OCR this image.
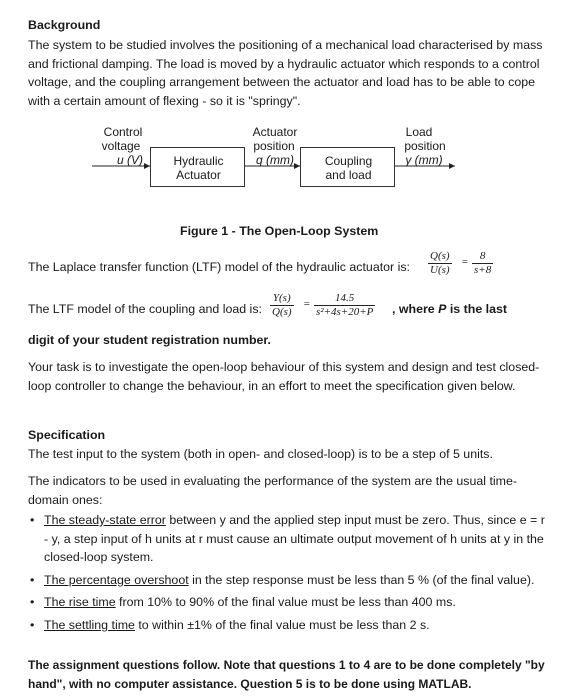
Background

The system to be studied involves the positioning of a mechanical load characterised by mass and frictional damping. The load is moved by a hydraulic actuator which responds to a control voltage, and the coupling arrangement between the actuator and load has to be able to cope with a certain amount of flexing - so it is "springy".

Hydraulic Actuator
Coupling and load
Control
voltage
u (V)
Actuator
position
q (mm)
Load
position
y (mm)

Figure 1 - The Open-Loop System

The Laplace transfer function (LTF) model of the hydraulic actuator is: $\frac{Q(s)}{U(s)} = \frac{8}{s+8}$

The LTF model of the coupling and load is: $\frac{Y(s)}{Q(s)} = \frac{14.5}{\text{s²+4s+20+P}}$ , where P is the last

digit of your student registration number.

Your task is to investigate the open-loop behaviour of this system and design and test closed-loop controller to change the behaviour, in an effort to meet the specification given below.

Specification

The test input to the system (both in open- and closed-loop) is to be a step of 5 units.

The indicators to be used in evaluating the performance of the system are the usual time-domain ones:

• The steady-state error between y and the applied step input must be zero. Thus, since e = r - y, a step input of h units at r must cause an ultimate output movement of h units at y in the closed-loop system.
• The percentage overshoot in the step response must be less than 5 % (of the final value).
• The rise time from 10% to 90% of the final value must be less than 400 ms.
• The settling time to within ±1% of the final value must be less than 2 s.

The assignment questions follow. Note that questions 1 to 4 are to be done completely "by hand", with no computer assistance. Question 5 is to be done using MATLAB.
